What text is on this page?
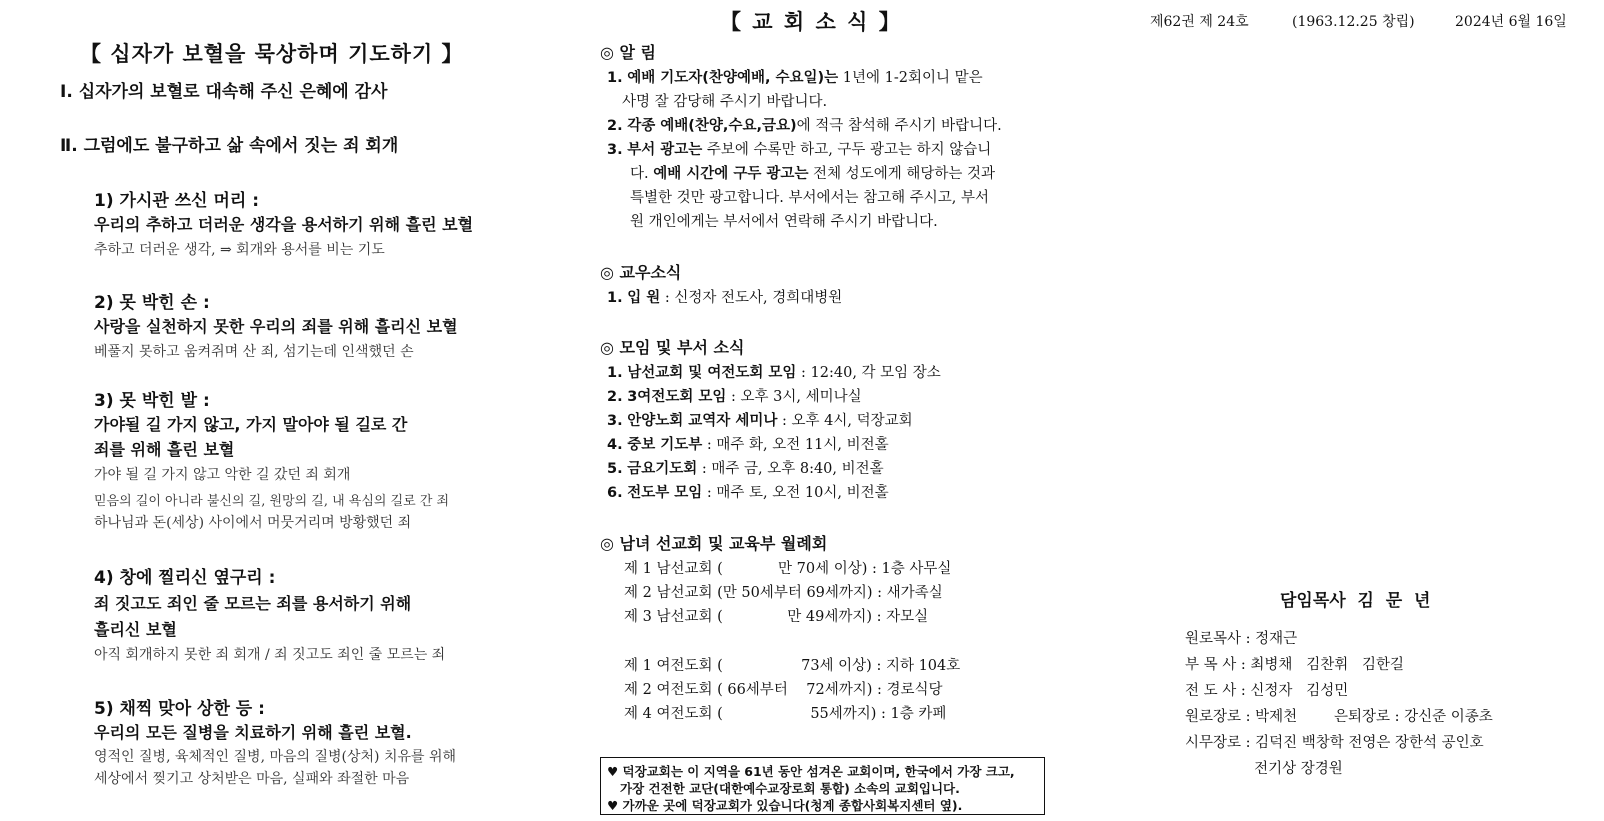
【 십자가 보혈을 묵상하며 기도하기 】
Ⅰ. 십자가의 보혈로 대속해 주신 은혜에 감사
Ⅱ. 그럼에도 불구하고 삶 속에서 짓는 죄 회개
1) 가시관 쓰신 머리 :
우리의 추하고 더러운 생각을 용서하기 위해 흘린 보혈
추하고 더러운 생각, ⇒ 회개와 용서를 비는 기도
2) 못 박힌 손 :
사랑을 실천하지 못한 우리의 죄를 위해 흘리신 보혈
베풀지 못하고 움켜쥐며 산 죄, 섬기는데 인색했던 손
3) 못 박힌 발 :
가야될 길 가지 않고, 가지 말아야 될 길로 간
죄를 위해 흘린 보혈
가야 될 길 가지 않고 악한 길 갔던 죄 회개
믿음의 길이 아니라 불신의 길, 원망의 길, 내 욕심의 길로 간 죄
하나님과 돈(세상) 사이에서 머뭇거리며 방황했던 죄
4) 창에 찔리신 옆구리 :
죄 짓고도 죄인 줄 모르는 죄를 용서하기 위해
흘리신 보혈
아직 회개하지 못한 죄 회개 / 죄 짓고도 죄인 줄 모르는 죄
5) 채찍 맞아 상한 등 :
우리의 모든 질병을 치료하기 위해 흘린 보혈.
영적인 질병, 육체적인 질병, 마음의 질병(상처) 치유를 위해
세상에서 찢기고 상처받은 마음, 실패와 좌절한 마음
【 교 회 소 식 】
◎ 알 림
1. 예배 기도자(찬양예배, 수요일)는 1년에 1-2회이니 맡은
사명 잘 감당해 주시기 바랍니다.
2. 각종 예배(찬양,수요,금요)에 적극 참석해 주시기 바랍니다.
3. 부서 광고는 주보에 수록만 하고, 구두 광고는 하지 않습니
다. 예배 시간에 구두 광고는 전체 성도에게 해당하는 것과
특별한 것만 광고합니다. 부서에서는 참고해 주시고, 부서
원 개인에게는 부서에서 연락해 주시기 바랍니다.
◎ 교우소식
1. 입 원 : 신정자 전도사, 경희대병원
◎ 모임 및 부서 소식
1. 남선교회 및 여전도회 모임 : 12:40, 각 모임 장소
2. 3여전도회 모임 : 오후 3시, 세미나실
3. 안양노회 교역자 세미나 : 오후 4시, 덕장교회
4. 중보 기도부 : 매주 화, 오전 11시, 비전홀
5. 금요기도회 : 매주 금, 오후 8:40, 비전홀
6. 전도부 모임 : 매주 토, 오전 10시, 비전홀
◎ 남녀 선교회 및 교육부 월례회
제 1 남선교회 (            만 70세 이상) : 1층 사무실
제 2 남선교회 (만 50세부터 69세까지) : 새가족실
제 3 남선교회 (              만 49세까지) : 자모실
제 1 여전도회 (                 73세 이상) : 지하 104호
제 2 여전도회 ( 66세부터    72세까지) : 경로식당
제 4 여전도회 (                   55세까지) : 1층 카페
♥ 덕장교회는 이 지역을 61년 동안 섬겨온 교회이며, 한국에서 가장 크고,
가장 건전한 교단(대한예수교장로회 통합) 소속의 교회입니다.
♥ 가까운 곳에 덕장교회가 있습니다(청계 종합사회복지센터 옆).
제62권 제 24호	(1963.12.25 창립)	2024년 6월 16일
담임목사  김  문  년
원로목사 : 정재근
부 목 사 : 최병채   김찬휘   김한길
전 도 사 : 신정자   김성민
원로장로 : 박제천        은퇴장로 : 강신준 이종초
시무장로 : 김덕진 백창학 전영은 장한석 공인호
전기상 장경원
